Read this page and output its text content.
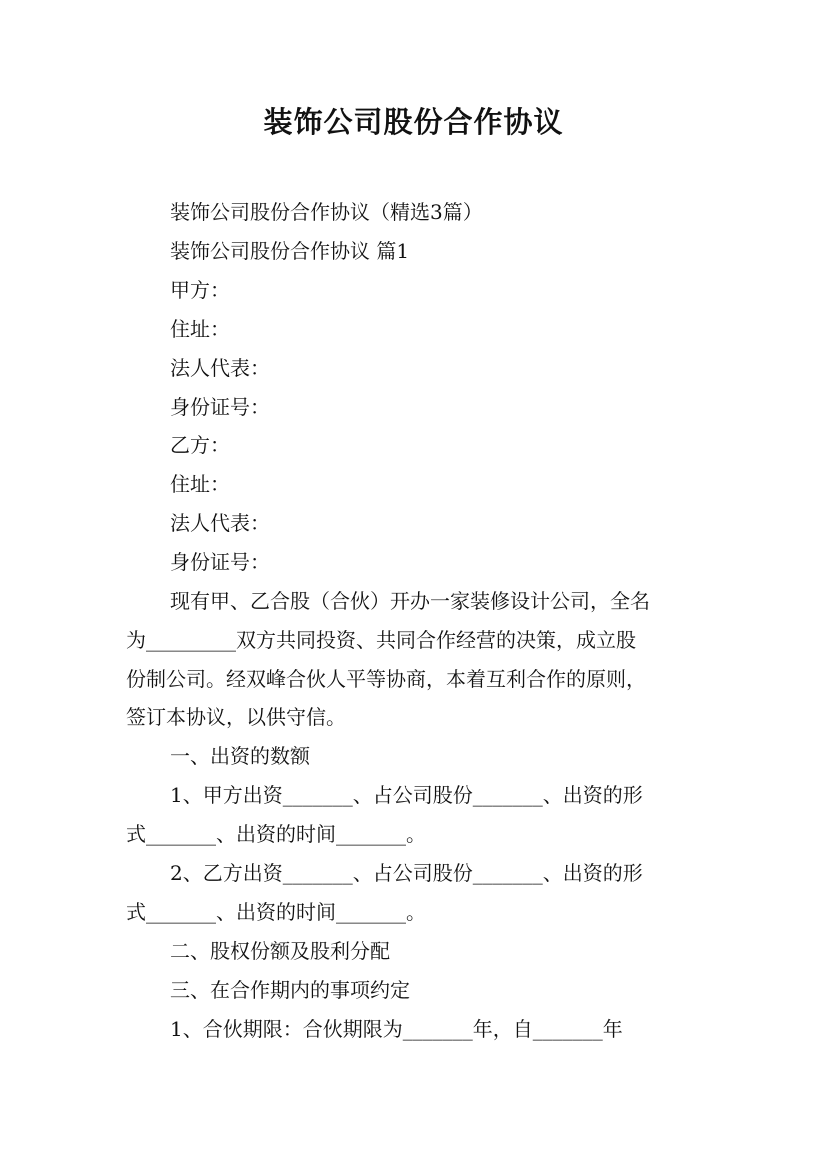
装饰公司股份合作协议
装饰公司股份合作协议（精选3篇）
装饰公司股份合作协议 篇1
甲方：
住址：
法人代表：
身份证号：
乙方：
住址：
法人代表：
身份证号：
现有甲、乙合股（合伙）开办一家装修设计公司，全名
为_________双方共同投资、共同合作经营的决策，成立股
份制公司。经双峰合伙人平等协商，本着互利合作的原则，
签订本协议，以供守信。
一、出资的数额
1、甲方出资_______、占公司股份_______、出资的形
式_______、出资的时间_______。
2、乙方出资_______、占公司股份_______、出资的形
式_______、出资的时间_______。
二、股权份额及股利分配
三、在合作期内的事项约定
1、合伙期限：合伙期限为_______年，自_______年
